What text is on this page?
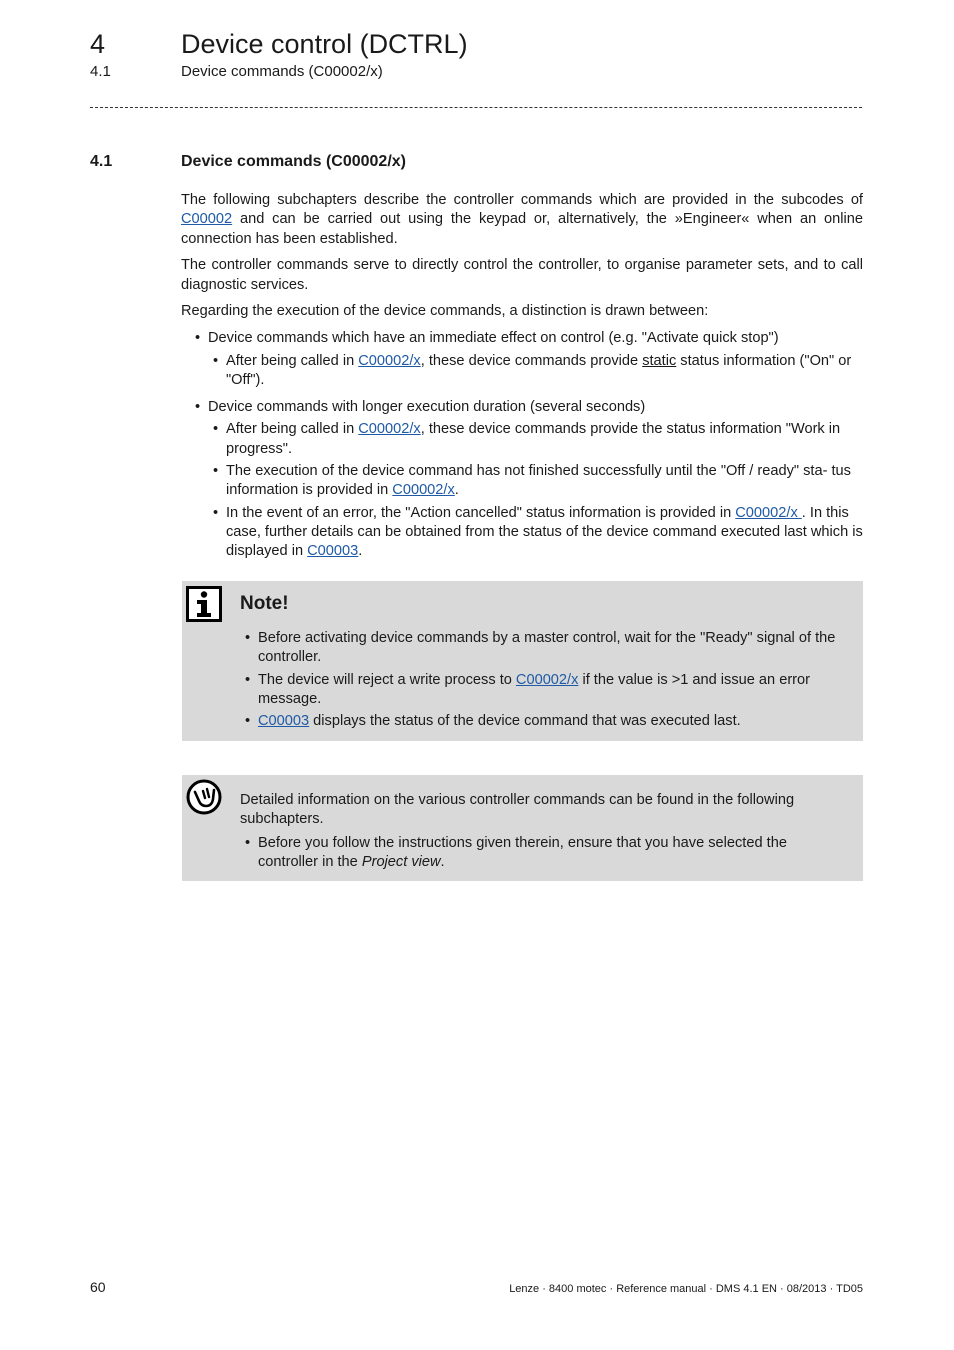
4	Device control (DCTRL)
4.1	Device commands (C00002/x)
4.1	Device commands (C00002/x)

The following subchapters describe the controller commands which are provided in the subcodes of C00002 and can be carried out using the keypad or, alternatively, the »Engineer« when an online connection has been established.

The controller commands serve to directly control the controller, to organise parameter sets, and to call diagnostic services.

Regarding the execution of the device commands, a distinction is drawn between:

• Device commands which have an immediate effect on control (e.g. "Activate quick stop")
• After being called in C00002/x, these device commands provide static status information ("On" or "Off").
• Device commands with longer execution duration (several seconds)
• After being called in C00002/x, these device commands provide the status information "Work in progress".
• The execution of the device command has not finished successfully until the "Off / ready" sta- tus information is provided in C00002/x.
• In the event of an error, the "Action cancelled" status information is provided in C00002/x . In this case, further details can be obtained from the status of the device command executed last which is displayed in C00003.
Note!
• Before activating device commands by a master control, wait for the "Ready" signal of the controller.
• The device will reject a write process to C00002/x if the value is >1 and issue an error message.
• C00003 displays the status of the device command that was executed last.

Detailed information on the various controller commands can be found in the following subchapters.

• Before you follow the instructions given therein, ensure that you have selected the controller in the Project view.
60	Lenze · 8400 motec · Reference manual · DMS 4.1 EN · 08/2013 · TD05
